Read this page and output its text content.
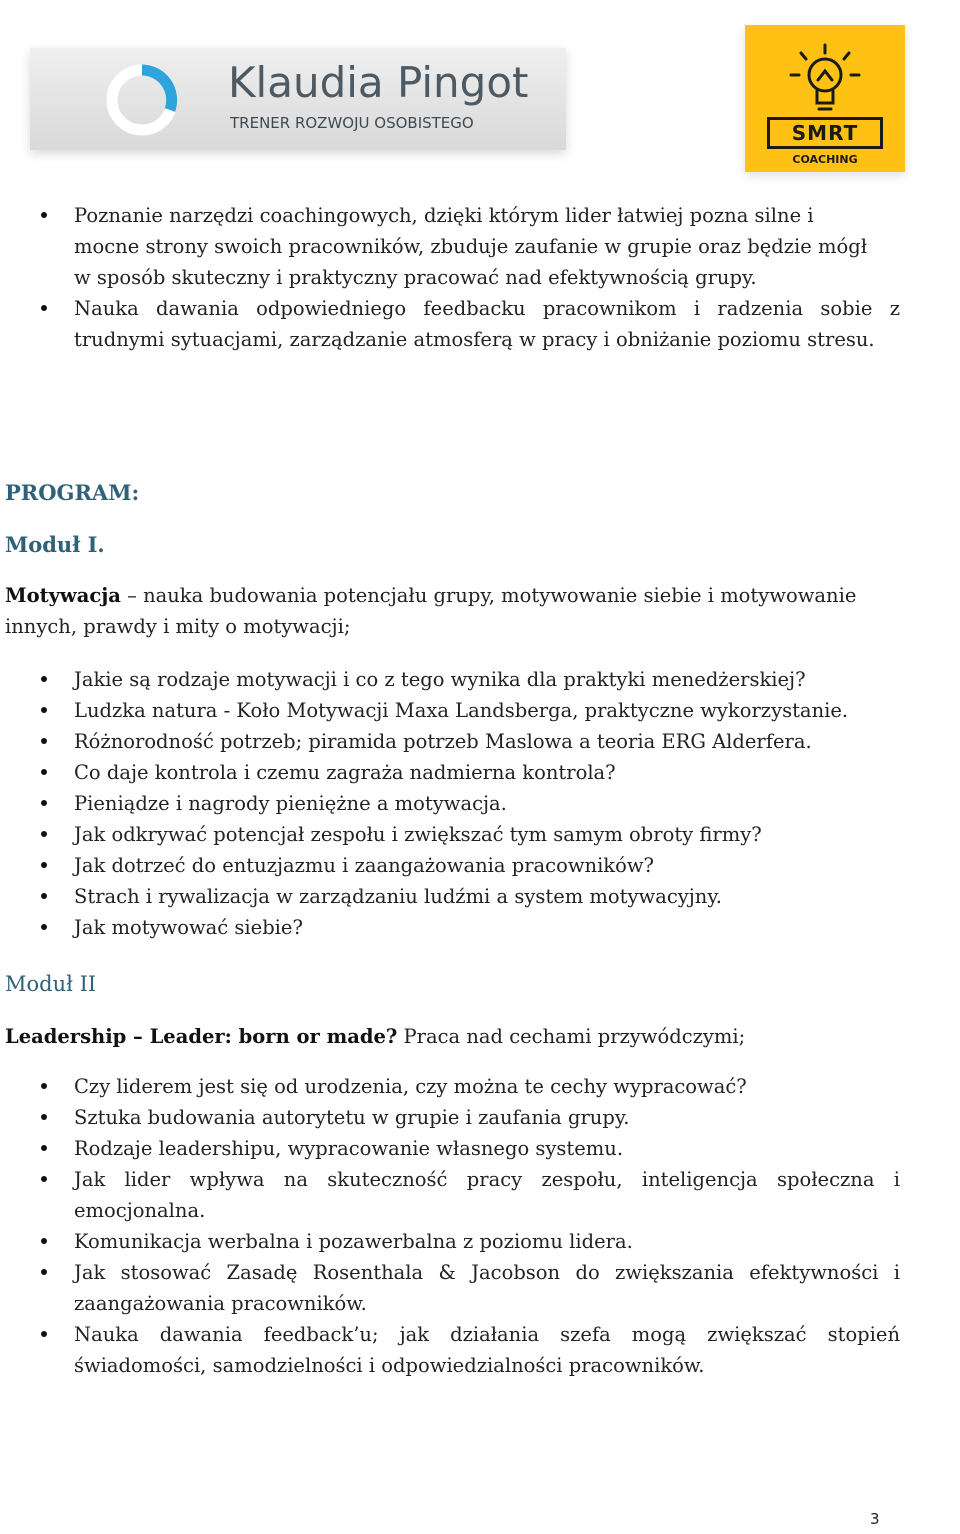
Klaudia Pingot
TRENER ROZWOJU OSOBISTEGO	SMRT
COACHING
Poznanie narzędzi coachingowych, dzięki którym lider łatwiej pozna silne i mocne strony swoich pracowników, zbuduje zaufanie w grupie oraz będzie mógł w sposób skuteczny i praktyczny pracować nad efektywnością grupy.
Nauka dawania odpowiedniego feedbacku pracownikom i radzenia sobie z trudnymi sytuacjami, zarządzanie atmosferą w pracy i obniżanie poziomu stresu.
PROGRAM:
Moduł I.
Motywacja – nauka budowania potencjału grupy, motywowanie siebie i motywowanie innych, prawdy i mity o motywacji;
Jakie są rodzaje motywacji i co z tego wynika dla praktyki menedżerskiej?
Ludzka natura - Koło Motywacji Maxa Landsberga, praktyczne wykorzystanie.
Różnorodność potrzeb; piramida potrzeb Maslowa a teoria ERG Alderfera.
Co daje kontrola i czemu zagraża nadmierna kontrola?
Pieniądze i nagrody pieniężne a motywacja.
Jak odkrywać potencjał zespołu i zwiększać tym samym obroty firmy?
Jak dotrzeć do entuzjazmu i zaangażowania pracowników?
Strach i rywalizacja w zarządzaniu ludźmi a system motywacyjny.
Jak motywować siebie?
Moduł II
Leadership – Leader: born or made? Praca nad cechami przywódczymi;
Czy liderem jest się od urodzenia, czy można te cechy wypracować?
Sztuka budowania autorytetu w grupie i zaufania grupy.
Rodzaje leadershipu, wypracowanie własnego systemu.
Jak lider wpływa na skuteczność pracy zespołu, inteligencja społeczna i emocjonalna.
Komunikacja werbalna i pozawerbalna z poziomu lidera.
Jak stosować Zasadę Rosenthala & Jacobson do zwiększania efektywności i zaangażowania pracowników.
Nauka dawania feedback’u; jak działania szefa mogą zwiększać stopień świadomości, samodzielności i odpowiedzialności pracowników.
3
